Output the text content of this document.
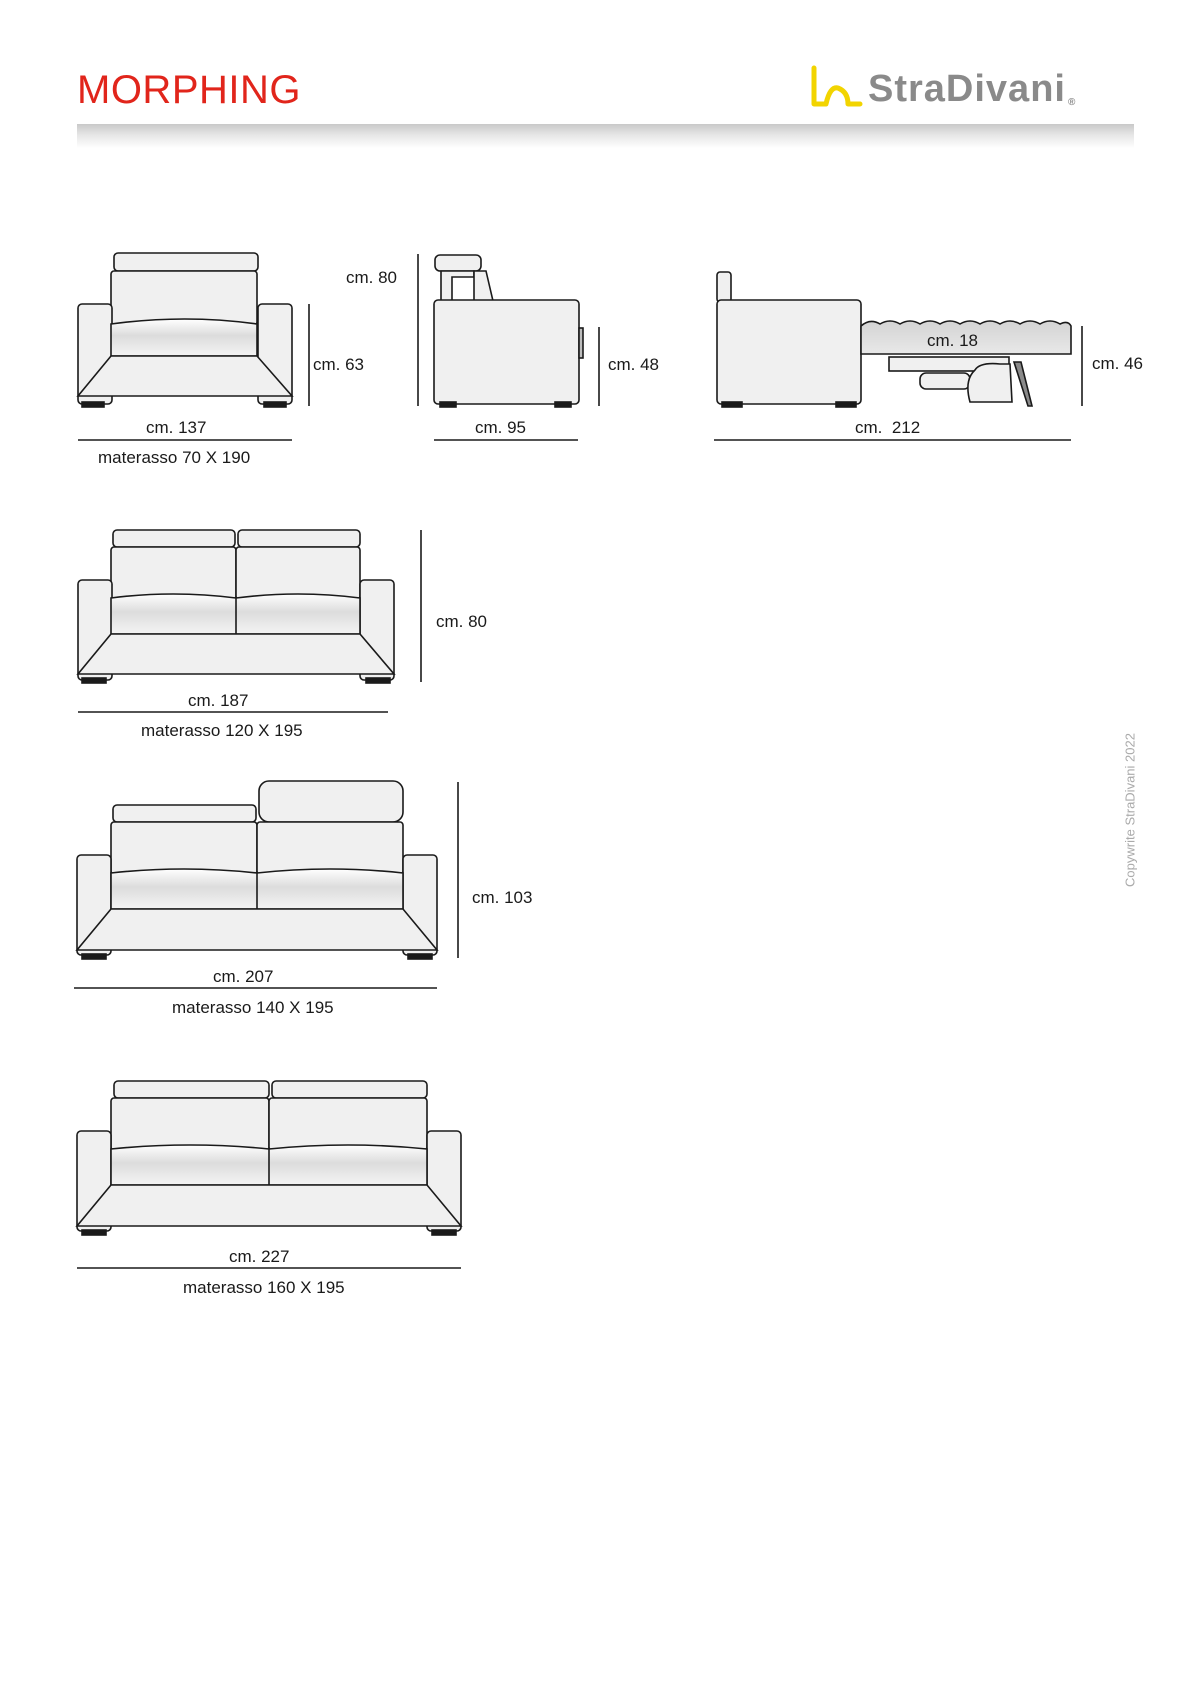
MORPHING	StraDivani ®
cm. 80
cm. 63
cm. 137
materasso 70 X 190
cm. 48
cm. 95
cm. 18
cm. 46
cm.  212
cm. 80
cm. 187
materasso 120 X 195
cm. 103
cm. 207
materasso 140 X 195
cm. 227
materasso 160 X 195
Copywrite StraDivani 2022
